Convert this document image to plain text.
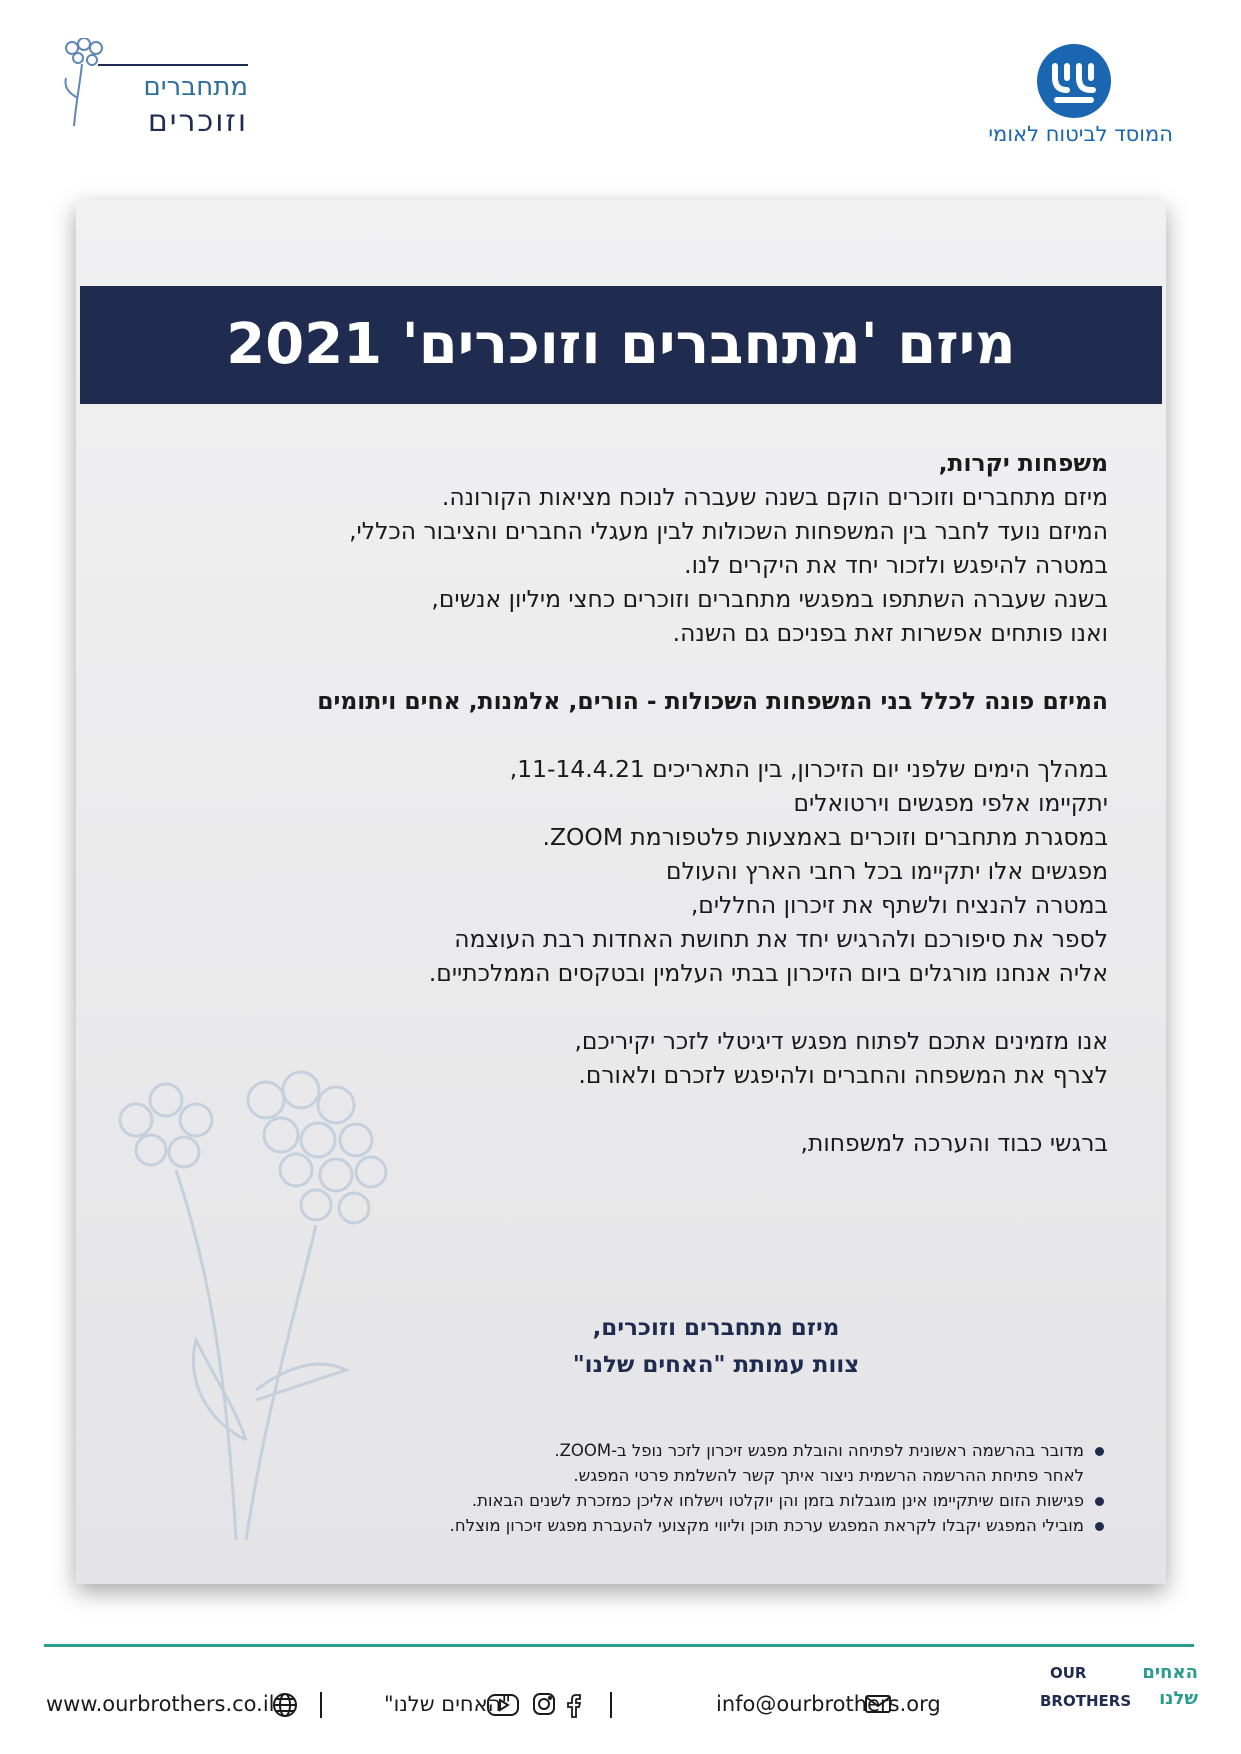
מתחברים
וזוכרים	המוסד לביטוח לאומי
מיזם 'מתחברים וזוכרים' 2021

משפחות יקרות,

מיזם מתחברים וזוכרים הוקם בשנה שעברה לנוכח מציאות הקורונה.

המיזם נועד לחבר בין המשפחות השכולות לבין מעגלי החברים והציבור הכללי,

במטרה להיפגש ולזכור יחד את היקרים לנו.

בשנה שעברה השתתפו במפגשי מתחברים וזוכרים כחצי מיליון אנשים,

ואנו פותחים אפשרות זאת בפניכם גם השנה.

המיזם פונה לכלל בני המשפחות השכולות - הורים, אלמנות, אחים ויתומים

במהלך הימים שלפני יום הזיכרון, בין התאריכים 11-14.4.21,

יתקיימו אלפי מפגשים וירטואלים

במסגרת מתחברים וזוכרים באמצעות פלטפורמת ZOOM.

מפגשים אלו יתקיימו בכל רחבי הארץ והעולם

במטרה להנציח ולשתף את זיכרון החללים,

לספר את סיפורכם ולהרגיש יחד את תחושת האחדות רבת העוצמה

אליה אנחנו מורגלים ביום הזיכרון בבתי העלמין ובטקסים הממלכתיים.

אנו מזמינים אתכם לפתוח מפגש דיגיטלי לזכר יקיריכם,

לצרף את המשפחה והחברים ולהיפגש לזכרם ולאורם.

ברגשי כבוד והערכה למשפחות,

מיזם מתחברים וזוכרים,
צוות עמותת "האחים שלנו"
מדובר בהרשמה ראשונית לפתיחה והובלת מפגש זיכרון לזכר נופל ב-ZOOM.
לאחר פתיחת ההרשמה הרשמית ניצור איתך קשר להשלמת פרטי המפגש.
פגישות הזום שיתקיימו אינן מוגבלות בזמן והן יוקלטו וישלחו אליכן כמזכרת לשנים הבאות.
מובילי המפגש יקבלו לקראת המפגש ערכת תוכן וליווי מקצועי להעברת מפגש זיכרון מוצלח.
www.ourbrothers.co.il	"האחים שלנו"	info@ourbrothers.org
האחים
OUR
BROTHERS שלנו
